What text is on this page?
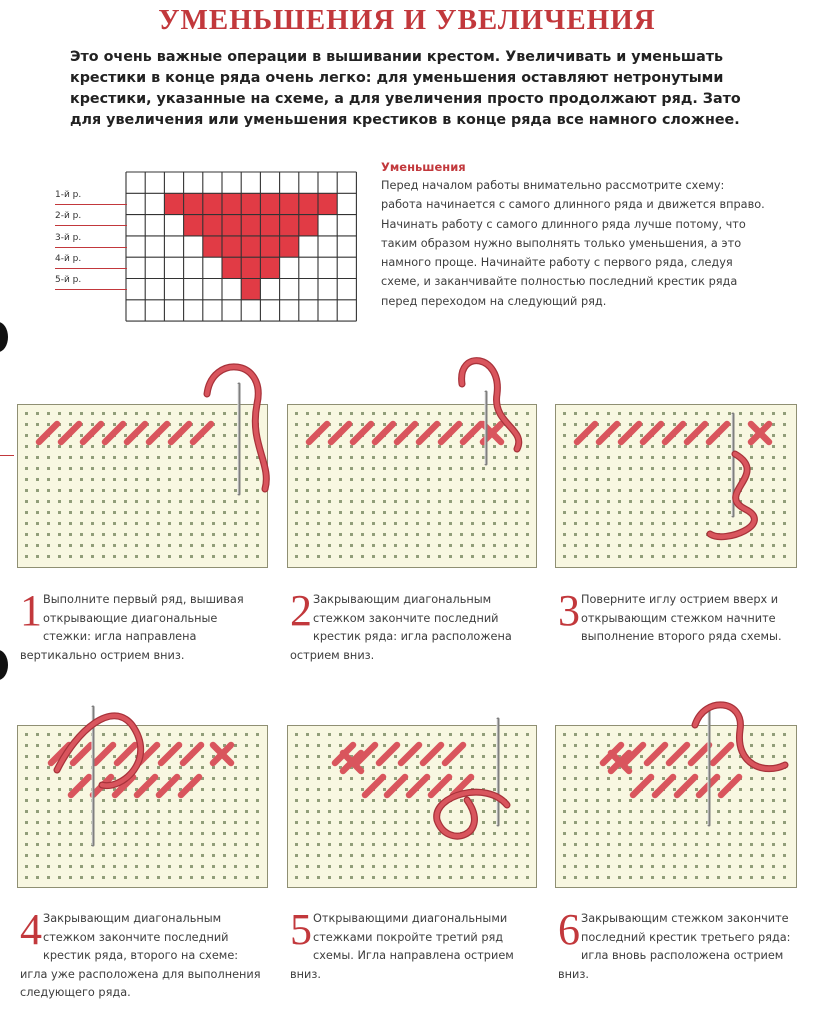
УМЕНЬШЕНИЯ И УВЕЛИЧЕНИЯ
Это очень важные операции в вышивании крестом. Увеличивать и уменьшать крестики в конце ряда очень легко: для уменьшения оставляют нетронутыми крестики, указанные на схеме, а для увеличения просто продолжают ряд. Зато для увеличения или уменьшения крестиков в конце ряда все намного сложнее.
1-й р.
2-й р.
3-й р.
4-й р.
5-й р.
Уменьшения
Перед началом работы внимательно рассмотрите схему: работа начинается с самого длинного ряда и движется вправо. Начинать работу с самого длинного ряда лучше потому, что таким образом нужно выполнять только уменьшения, а это намного проще. Начинайте работу с первого ряда, следуя схеме, и заканчивайте полностью последний крестик ряда перед переходом на следующий ряд.
1 Выполните первый ряд, вышивая открывающие диагональные стежки: игла направлена вертикально острием вниз.
2 Закрывающим диагональным стежком закончите последний крестик ряда: игла расположена острием вниз.
3 Поверните иглу острием вверх и открывающим стежком начните выполнение второго ряда схемы.
4 Закрывающим диагональным стежком закончите последний крестик ряда, второго на схеме: игла уже расположена для выполнения следующего ряда.
5 Открывающими диагональными стежками покройте третий ряд схемы. Игла направлена острием вниз.
6 Закрывающим стежком закончите последний крестик третьего ряда: игла вновь расположена острием вниз.
